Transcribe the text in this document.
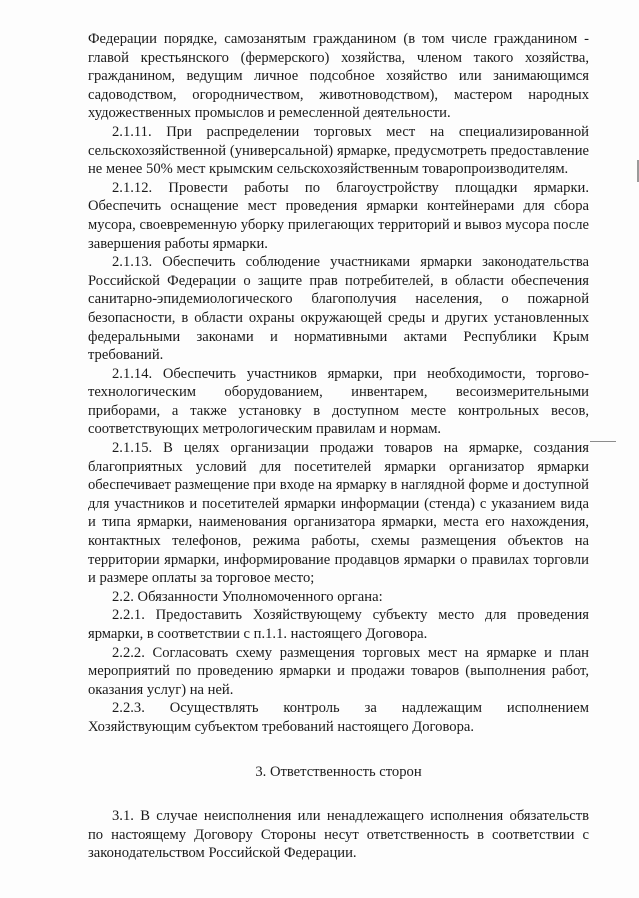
Федерации порядке, самозанятым гражданином (в том числе гражданином - главой крестьянского (фермерского) хозяйства, членом такого хозяйства, гражданином, ведущим личное подсобное хозяйство или занимающимся садоводством, огородничеством, животноводством), мастером народных художественных промыслов и ремесленной деятельности.

2.1.11. При распределении торговых мест на специализированной сельскохозяйственной (универсальной) ярмарке, предусмотреть предоставление не менее 50% мест крымским сельскохозяйственным товаропроизводителям.

2.1.12. Провести работы по благоустройству площадки ярмарки. Обеспечить оснащение мест проведения ярмарки контейнерами для сбора мусора, своевременную уборку прилегающих территорий и вывоз мусора после завершения работы ярмарки.

2.1.13. Обеспечить соблюдение участниками ярмарки законодательства Российской Федерации о защите прав потребителей, в области обеспечения санитарно-эпидемиологического благополучия населения, о пожарной безопасности, в области охраны окружающей среды и других установленных федеральными законами и нормативными актами Республики Крым требований.

2.1.14. Обеспечить участников ярмарки, при необходимости, торгово-технологическим оборудованием, инвентарем, весоизмерительными приборами, а также установку в доступном месте контрольных весов, соответствующих метрологическим правилам и нормам.

2.1.15. В целях организации продажи товаров на ярмарке, создания благоприятных условий для посетителей ярмарки организатор ярмарки обеспечивает размещение при входе на ярмарку в наглядной форме и доступной для участников и посетителей ярмарки информации (стенда) с указанием вида и типа ярмарки, наименования организатора ярмарки, места его нахождения, контактных телефонов, режима работы, схемы размещения объектов на территории ярмарки, информирование продавцов ярмарки о правилах торговли и размере оплаты за торговое место;

2.2. Обязанности Уполномоченного органа:

2.2.1. Предоставить Хозяйствующему субъекту место для проведения ярмарки, в соответствии с п.1.1. настоящего Договора.

2.2.2. Согласовать схему размещения торговых мест на ярмарке и план мероприятий по проведению ярмарки и продажи товаров (выполнения работ, оказания услуг) на ней.

2.2.3. Осуществлять контроль за надлежащим исполнением Хозяйствующим субъектом требований настоящего Договора.

3. Ответственность сторон

3.1. В случае неисполнения или ненадлежащего исполнения обязательств по настоящему Договору Стороны несут ответственность в соответствии с законодательством Российской Федерации.
